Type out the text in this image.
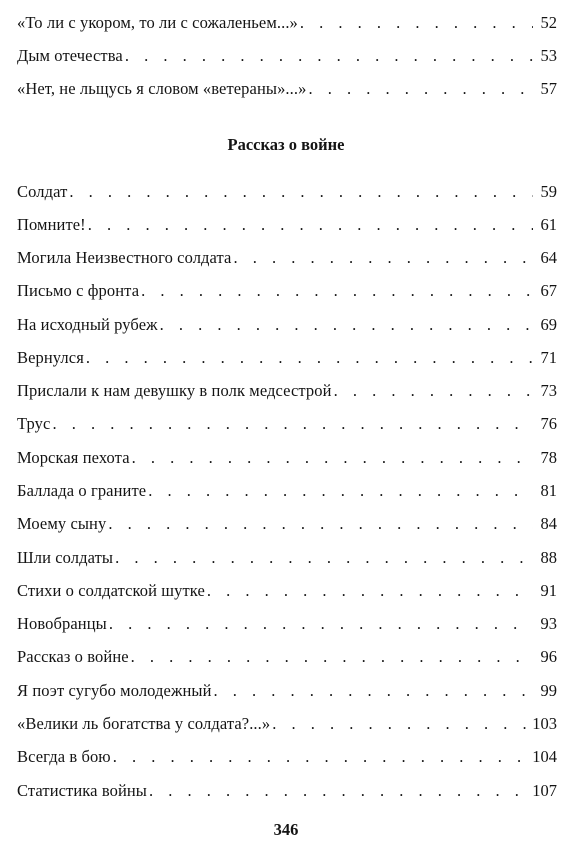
«То ли с укором, то ли с сожаленьем...» . . .	52
Дым отечества . . .	53
«Нет, не льщусь я словом «ветераны»...» . . .	57
Рассказ о войне
Солдат . . .	59
Помните! . . .	61
Могила Неизвестного солдата . . .	64
Письмо с фронта . . .	67
На исходный рубеж . . .	69
Вернулся . . .	71
Прислали к нам девушку в полк медсестрой . . .	73
Трус . . .	76
Морская пехота . . .	78
Баллада о граните . . .	81
Моему сыну . . .	84
Шли солдаты . . .	88
Стихи о солдатской шутке . . .	91
Новобранцы . . .	93
Рассказ о войне . . .	96
Я поэт сугубо молодежный . . .	99
«Велики ль богатства у солдата?...» . . .	103
Всегда в бою . . .	104
Статистика войны . . .	107
346
